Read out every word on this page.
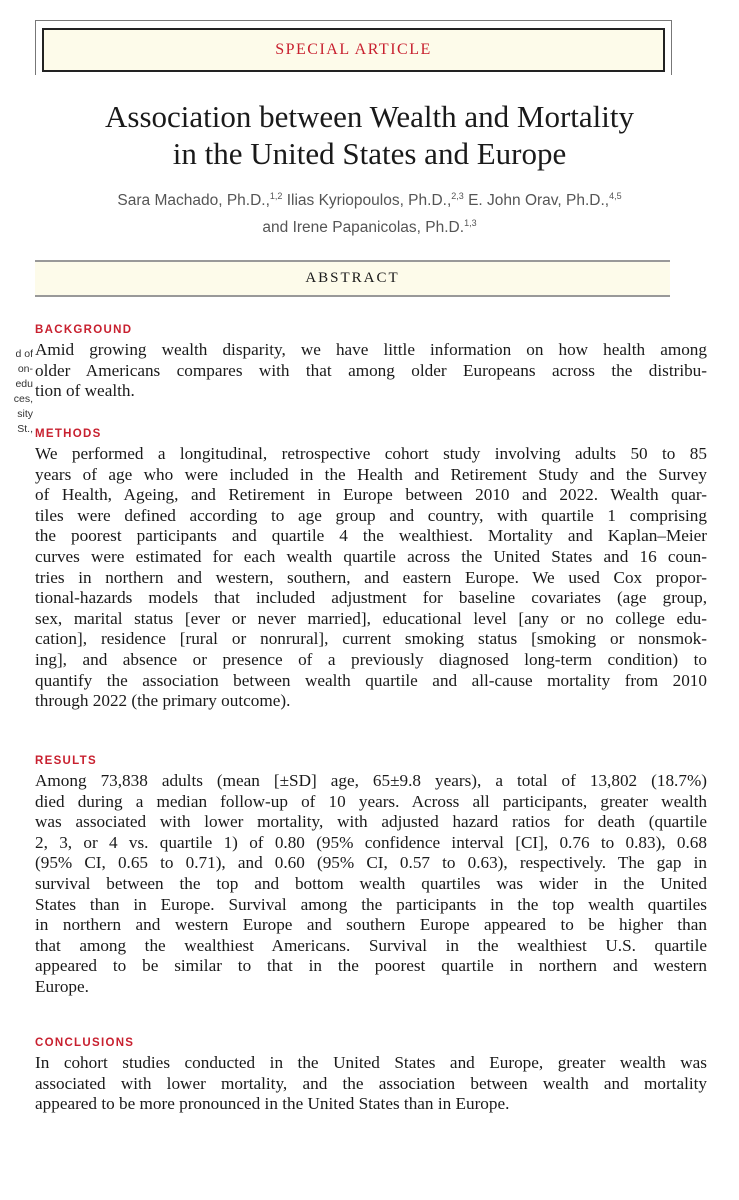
SPECIAL ARTICLE
Association between Wealth and Mortality
in the United States and Europe
Sara Machado, Ph.D.,$^{1,2}$ Ilias Kyriopoulos, Ph.D.,$^{2,3}$ E. John Orav, Ph.D.,$^{4,5}$
and Irene Papanicolas, Ph.D.$^{1,3}$
ABSTRACT
d of
on-
edu
ces,
sity
St.,
BACKGROUND
Amid growing wealth disparity, we have little information on how health among
older Americans compares with that among older Europeans across the distribu-
tion of wealth.
METHODS
We performed a longitudinal, retrospective cohort study involving adults 50 to 85
years of age who were included in the Health and Retirement Study and the Survey
of Health, Ageing, and Retirement in Europe between 2010 and 2022. Wealth quar-
tiles were defined according to age group and country, with quartile 1 comprising
the poorest participants and quartile 4 the wealthiest. Mortality and Kaplan–Meier
curves were estimated for each wealth quartile across the United States and 16 coun-
tries in northern and western, southern, and eastern Europe. We used Cox propor-
tional-hazards models that included adjustment for baseline covariates (age group,
sex, marital status [ever or never married], educational level [any or no college edu-
cation], residence [rural or nonrural], current smoking status [smoking or nonsmok-
ing], and absence or presence of a previously diagnosed long-term condition) to
quantify the association between wealth quartile and all-cause mortality from 2010
through 2022 (the primary outcome).
RESULTS
Among 73,838 adults (mean [±SD] age, 65±9.8 years), a total of 13,802 (18.7%)
died during a median follow-up of 10 years. Across all participants, greater wealth
was associated with lower mortality, with adjusted hazard ratios for death (quartile
2, 3, or 4 vs. quartile 1) of 0.80 (95% confidence interval [CI], 0.76 to 0.83), 0.68
(95% CI, 0.65 to 0.71), and 0.60 (95% CI, 0.57 to 0.63), respectively. The gap in
survival between the top and bottom wealth quartiles was wider in the United
States than in Europe. Survival among the participants in the top wealth quartiles
in northern and western Europe and southern Europe appeared to be higher than
that among the wealthiest Americans. Survival in the wealthiest U.S. quartile
appeared to be similar to that in the poorest quartile in northern and western
Europe.
CONCLUSIONS
In cohort studies conducted in the United States and Europe, greater wealth was
associated with lower mortality, and the association between wealth and mortality
appeared to be more pronounced in the United States than in Europe.
